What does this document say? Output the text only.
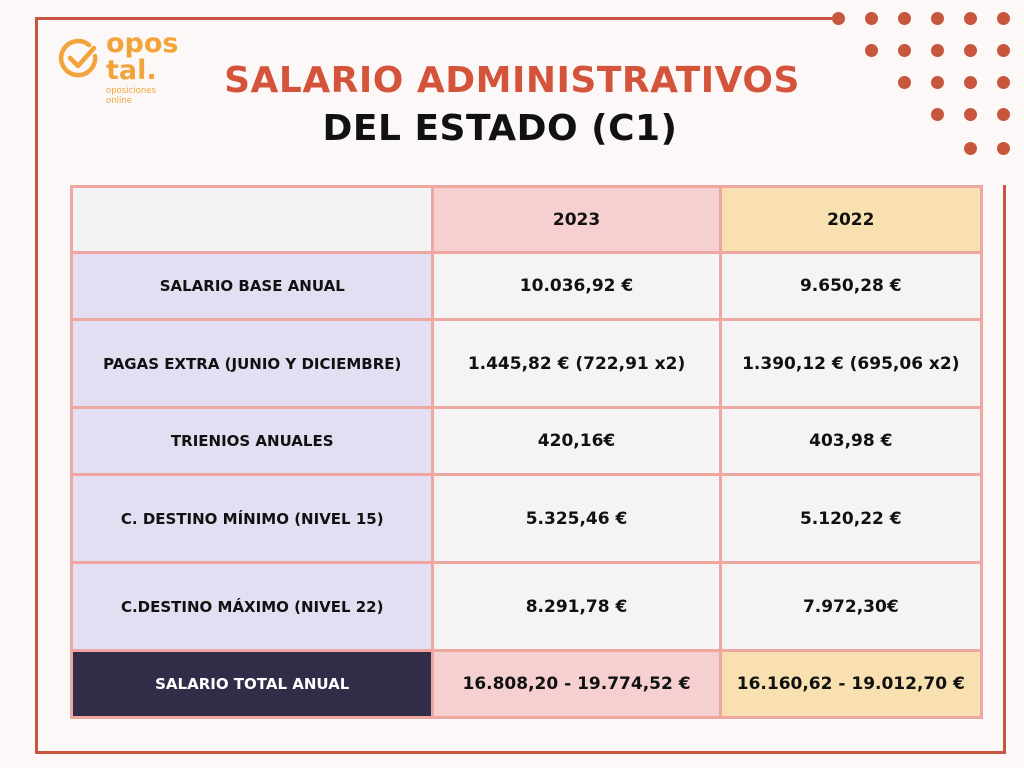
opos
tal.
oposiciones
online	SALARIO ADMINISTRATIVOS
DEL ESTADO (C1)
	2023	2022
SALARIO BASE ANUAL	10.036,92 €	9.650,28 €
PAGAS EXTRA (JUNIO Y DICIEMBRE)	1.445,82 € (722,91 x2)	1.390,12 € (695,06 x2)
TRIENIOS ANUALES	420,16€	403,98 €
C. DESTINO MÍNIMO (NIVEL 15)	5.325,46 €	5.120,22 €
C.DESTINO MÁXIMO (NIVEL 22)	8.291,78 €	7.972,30€
SALARIO TOTAL ANUAL	16.808,20 - 19.774,52 €	16.160,62 - 19.012,70 €
